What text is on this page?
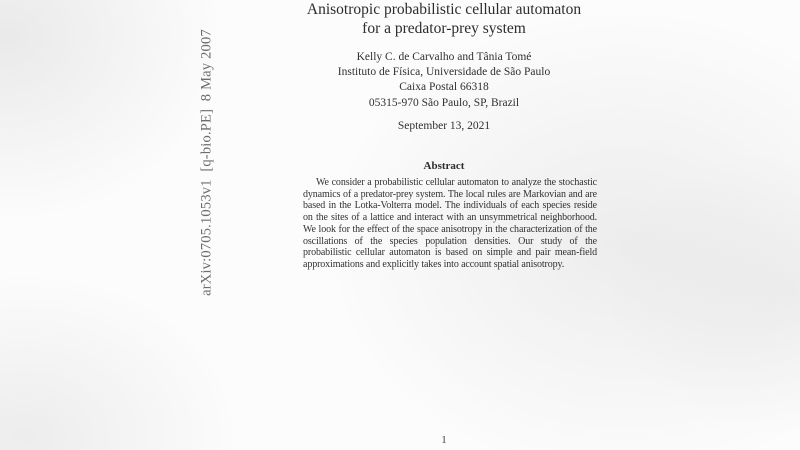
arXiv:0705.1053v1  [q-bio.PE]  8 May 2007
Anisotropic probabilistic cellular automaton
for a predator-prey system
Kelly C. de Carvalho and Tânia Tomé
Instituto de Física, Universidade de São Paulo
Caixa Postal 66318
05315-970 São Paulo, SP, Brazil
September 13, 2021
Abstract
We consider a probabilistic cellular automaton to analyze the stochastic dynamics of a predator-prey system. The local rules are Markovian and are based in the Lotka-Volterra model. The individuals of each species reside on the sites of a lattice and interact with an unsymmetrical neighborhood. We look for the effect of the space anisotropy in the characterization of the oscillations of the species population densities. Our study of the probabilistic cellular automaton is based on simple and pair mean-field approximations and explicitly takes into account spatial anisotropy.
1
